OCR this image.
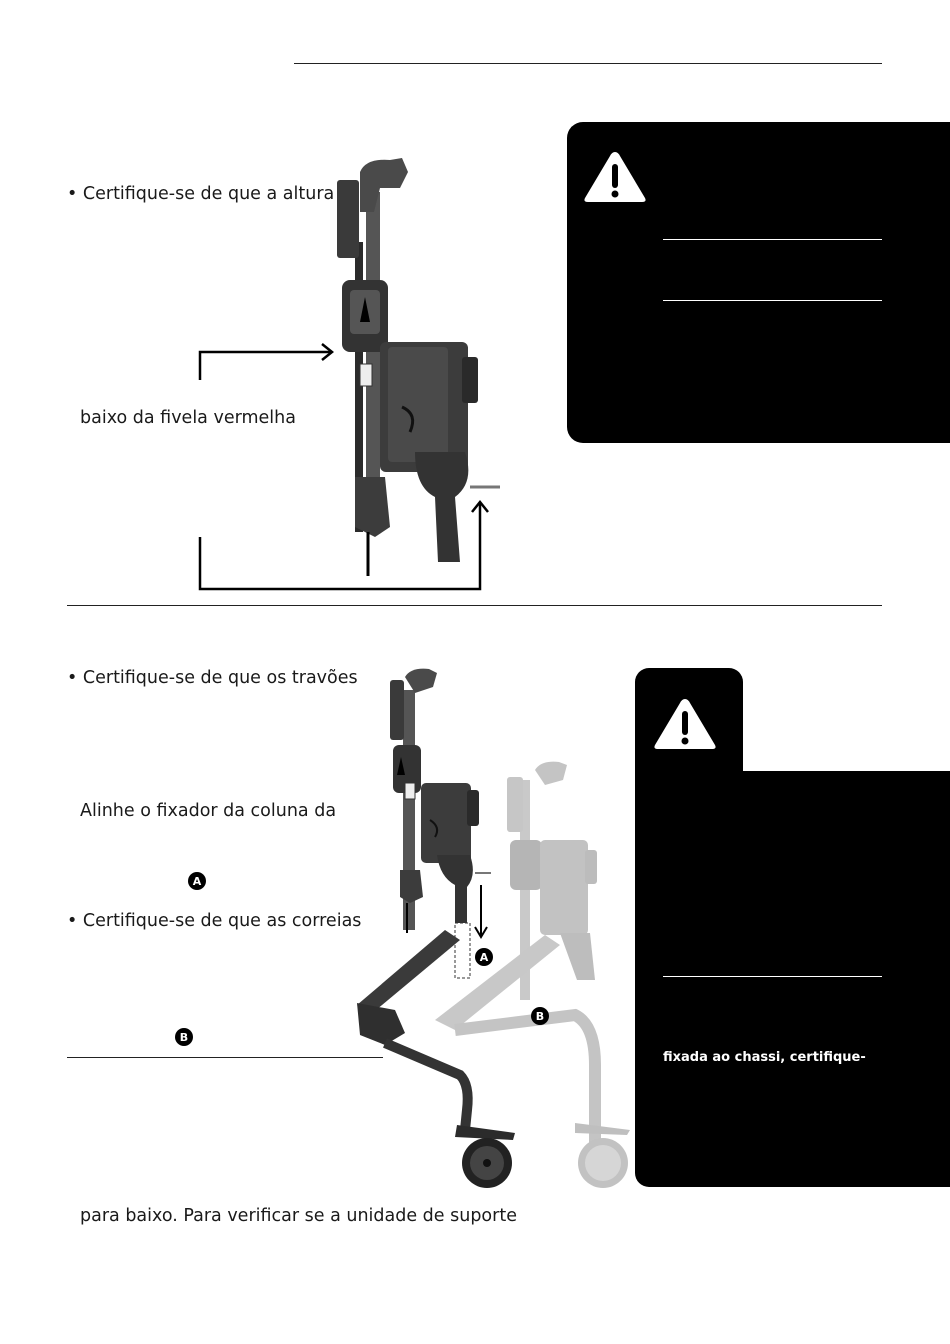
• Certifique-se de que a altura
baixo da fivela vermelha
• Certifique-se de que os travões
Alinhe o fixador da coluna da
A
• Certifique-se de que as correias
B
para baixo. Para verificar se a unidade de suporte
A
B
fixada ao chassi, certifique-
